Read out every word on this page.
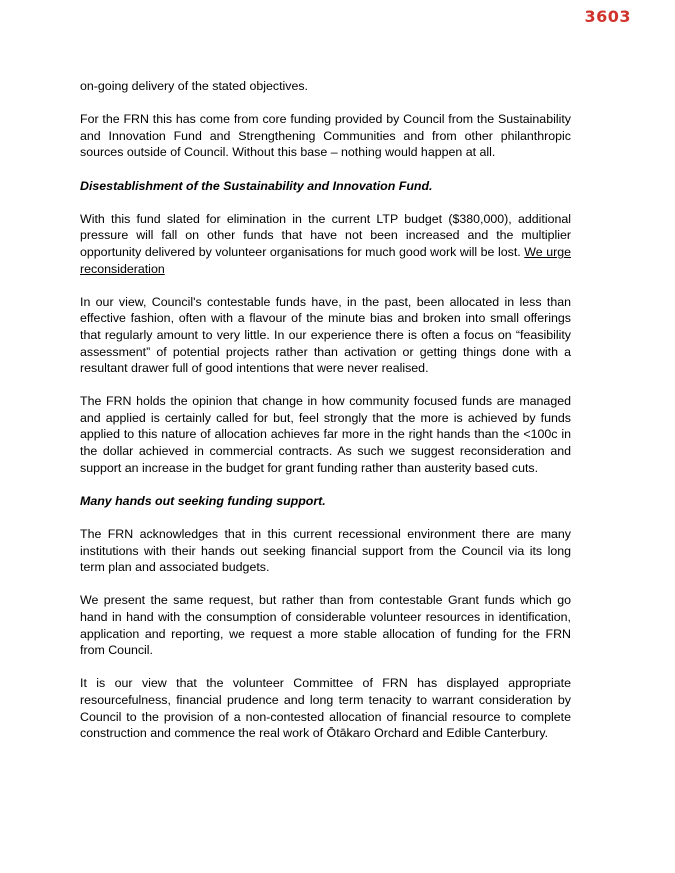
3603

on-going delivery of the stated objectives.

For the FRN this has come from core funding provided by Council from the Sustainability and Innovation Fund and Strengthening Communities and from other philanthropic sources outside of Council. Without this base – nothing would happen at all.

Disestablishment of the Sustainability and Innovation Fund.

With this fund slated for elimination in the current LTP budget ($380,000), additional pressure will fall on other funds that have not been increased and the multiplier opportunity delivered by volunteer organisations for much good work will be lost. We urge reconsideration

In our view, Council's contestable funds have, in the past, been allocated in less than effective fashion, often with a flavour of the minute bias and broken into small offerings that regularly amount to very little. In our experience there is often a focus on “feasibility assessment” of potential projects rather than activation or getting things done with a resultant drawer full of good intentions that were never realised.

The FRN holds the opinion that change in how community focused funds are managed and applied is certainly called for but, feel strongly that the more is achieved by funds applied to this nature of allocation achieves far more in the right hands than the <100c in the dollar achieved in commercial contracts. As such we suggest reconsideration and support an increase in the budget for grant funding rather than austerity based cuts.

Many hands out seeking funding support.

The FRN acknowledges that in this current recessional environment there are many institutions with their hands out seeking financial support from the Council via its long term plan and associated budgets.

We present the same request, but rather than from contestable Grant funds which go hand in hand with the consumption of considerable volunteer resources in identification, application and reporting, we request a more stable allocation of funding for the FRN from Council.

It is our view that the volunteer Committee of FRN has displayed appropriate resourcefulness, financial prudence and long term tenacity to warrant consideration by Council to the provision of a non-contested allocation of financial resource to complete construction and commence the real work of Ōtākaro Orchard and Edible Canterbury.
